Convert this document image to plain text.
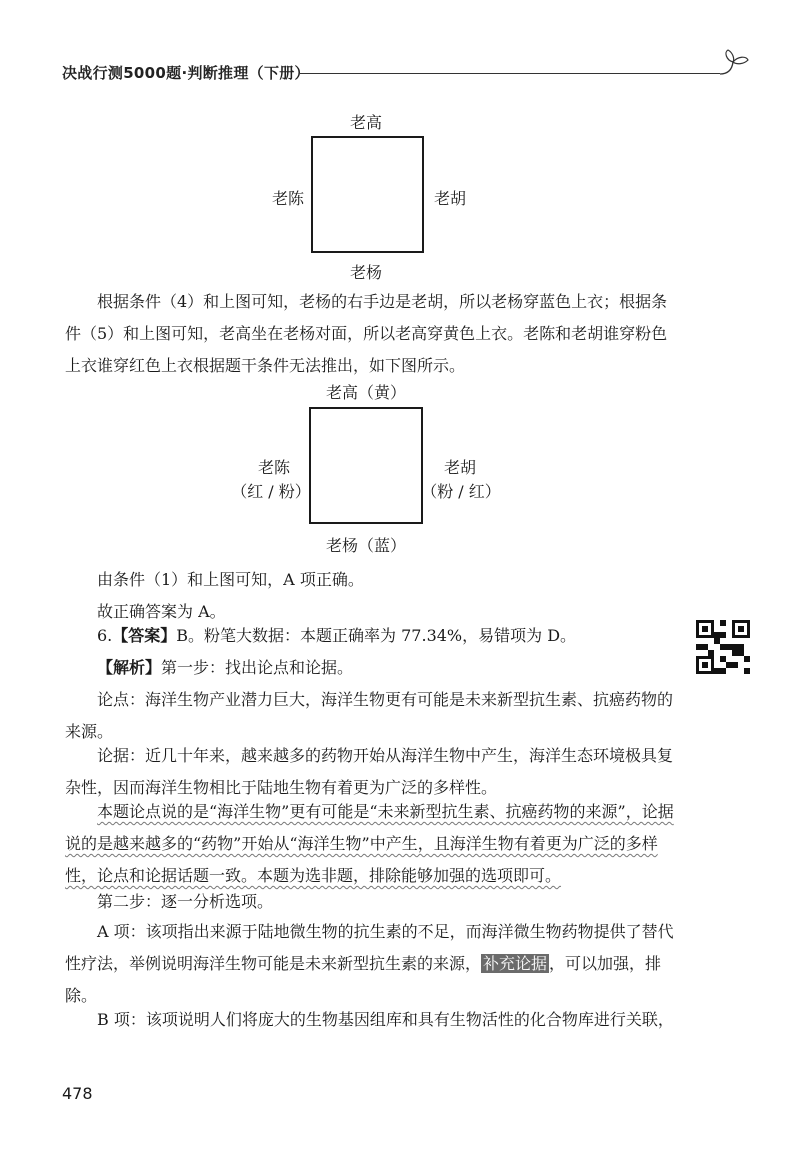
决战行测5000题·判断推理（下册）
老高
老陈	老胡
老杨
根据条件（4）和上图可知，老杨的右手边是老胡，所以老杨穿蓝色上衣；根据条件（5）和上图可知，老高坐在老杨对面，所以老高穿黄色上衣。老陈和老胡谁穿粉色上衣谁穿红色上衣根据题干条件无法推出，如下图所示。
老高（黄）
老陈
（红 / 粉）
老胡
（粉 / 红）
老杨（蓝）
由条件（1）和上图可知，A 项正确。
故正确答案为 A。
6.【答案】B。粉笔大数据：本题正确率为 77.34%，易错项为 D。
【解析】第一步：找出论点和论据。
论点：海洋生物产业潜力巨大，海洋生物更有可能是未来新型抗生素、抗癌药物的来源。
论据：近几十年来，越来越多的药物开始从海洋生物中产生，海洋生态环境极具复杂性，因而海洋生物相比于陆地生物有着更为广泛的多样性。
本题论点说的是“海洋生物”更有可能是“未来新型抗生素、抗癌药物的来源”，论据说的是越来越多的“药物”开始从“海洋生物”中产生，且海洋生物有着更为广泛的多样性，论点和论据话题一致。本题为选非题，排除能够加强的选项即可。
第二步：逐一分析选项。
A 项：该项指出来源于陆地微生物的抗生素的不足，而海洋微生物药物提供了替代性疗法，举例说明海洋生物可能是未来新型抗生素的来源， 补充论据 ，可以加强，排除。
B 项：该项说明人们将庞大的生物基因组库和具有生物活性的化合物库进行关联，
478
